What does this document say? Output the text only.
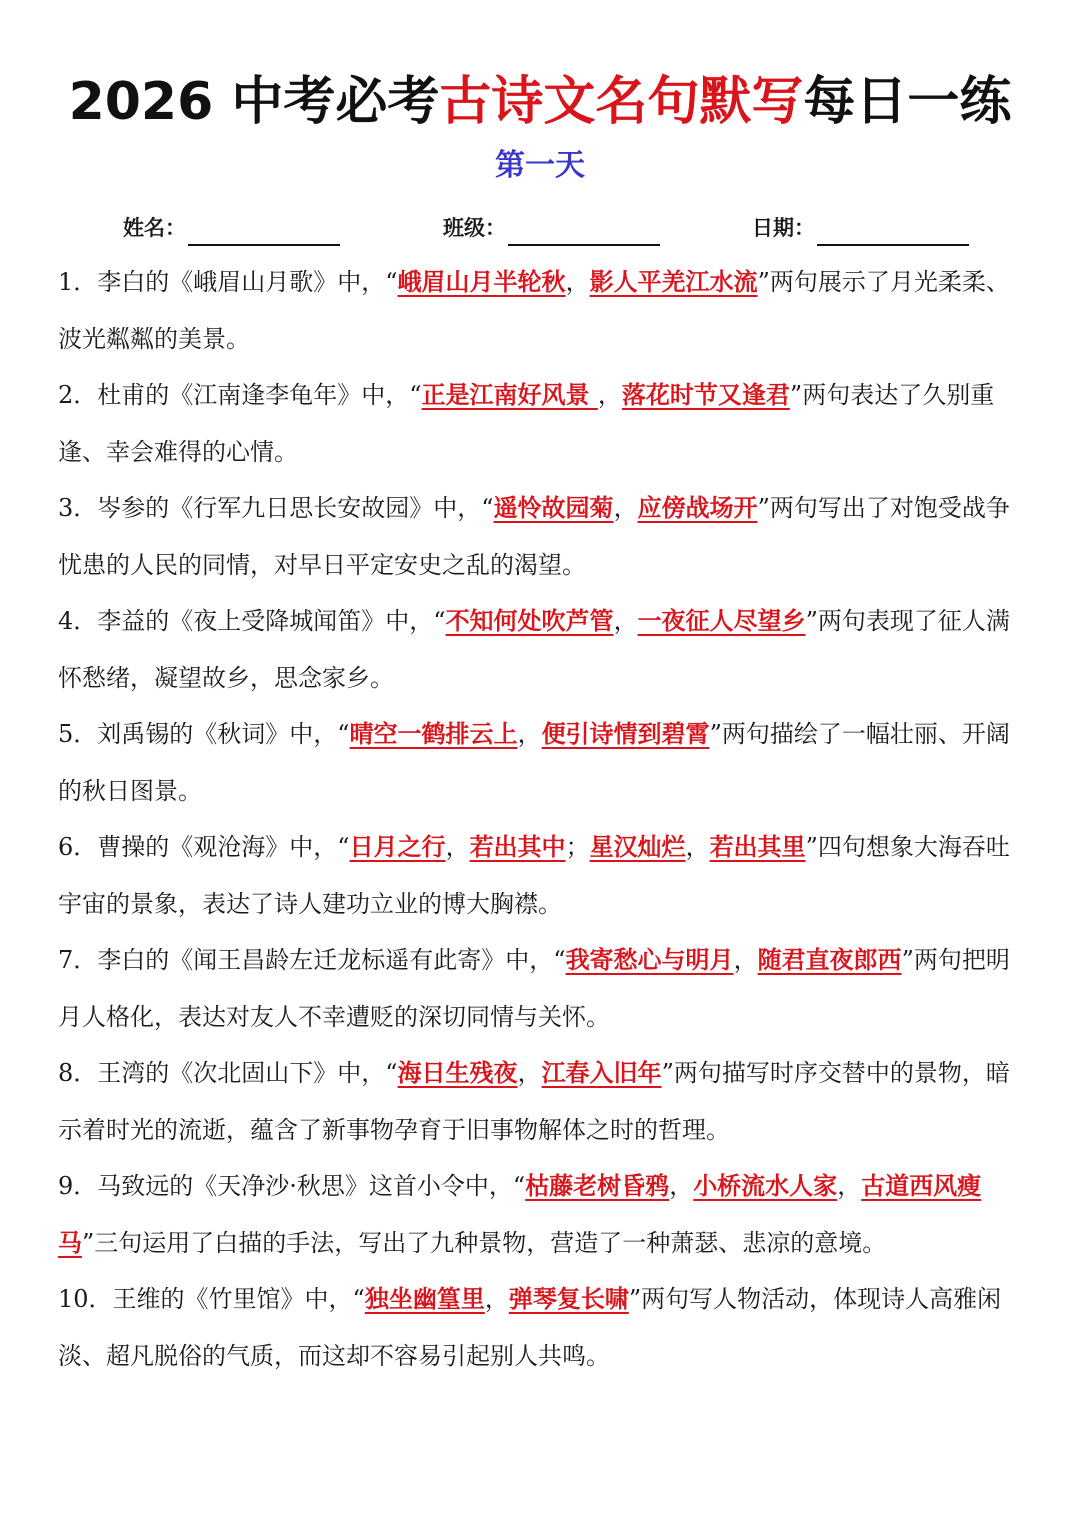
2026 中考必考古诗文名句默写每日一练
第一天
姓名：	班级：	日期：

1．李白的《峨眉山月歌》中，“峨眉山月半轮秋，影人平羌江水流”两句展示了月光柔柔、波光粼粼的美景。

2．杜甫的《江南逢李龟年》中，“正是江南好风景 ，落花时节又逢君”两句表达了久别重逢、幸会难得的心情。

3．岑参的《行军九日思长安故园》中，“遥怜故园菊，应傍战场开”两句写出了对饱受战争忧患的人民的同情，对早日平定安史之乱的渴望。

4．李益的《夜上受降城闻笛》中，“不知何处吹芦管，一夜征人尽望乡”两句表现了征人满怀愁绪，凝望故乡，思念家乡。

5．刘禹锡的《秋词》中，“晴空一鹤排云上，便引诗情到碧霄”两句描绘了一幅壮丽、开阔的秋日图景。

6．曹操的《观沧海》中，“日月之行，若出其中；星汉灿烂，若出其里”四句想象大海吞吐宇宙的景象，表达了诗人建功立业的博大胸襟。

7．李白的《闻王昌龄左迁龙标遥有此寄》中，“我寄愁心与明月，随君直夜郎西”两句把明月人格化，表达对友人不幸遭贬的深切同情与关怀。

8．王湾的《次北固山下》中，“海日生残夜，江春入旧年”两句描写时序交替中的景物，暗示着时光的流逝，蕴含了新事物孕育于旧事物解体之时的哲理。

9．马致远的《天净沙·秋思》这首小令中，“枯藤老树昏鸦，小桥流水人家，古道西风瘦马”三句运用了白描的手法，写出了九种景物，营造了一种萧瑟、悲凉的意境。

10．王维的《竹里馆》中，“独坐幽篁里，弹琴复长啸”两句写人物活动，体现诗人高雅闲淡、超凡脱俗的气质，而这却不容易引起别人共鸣。
